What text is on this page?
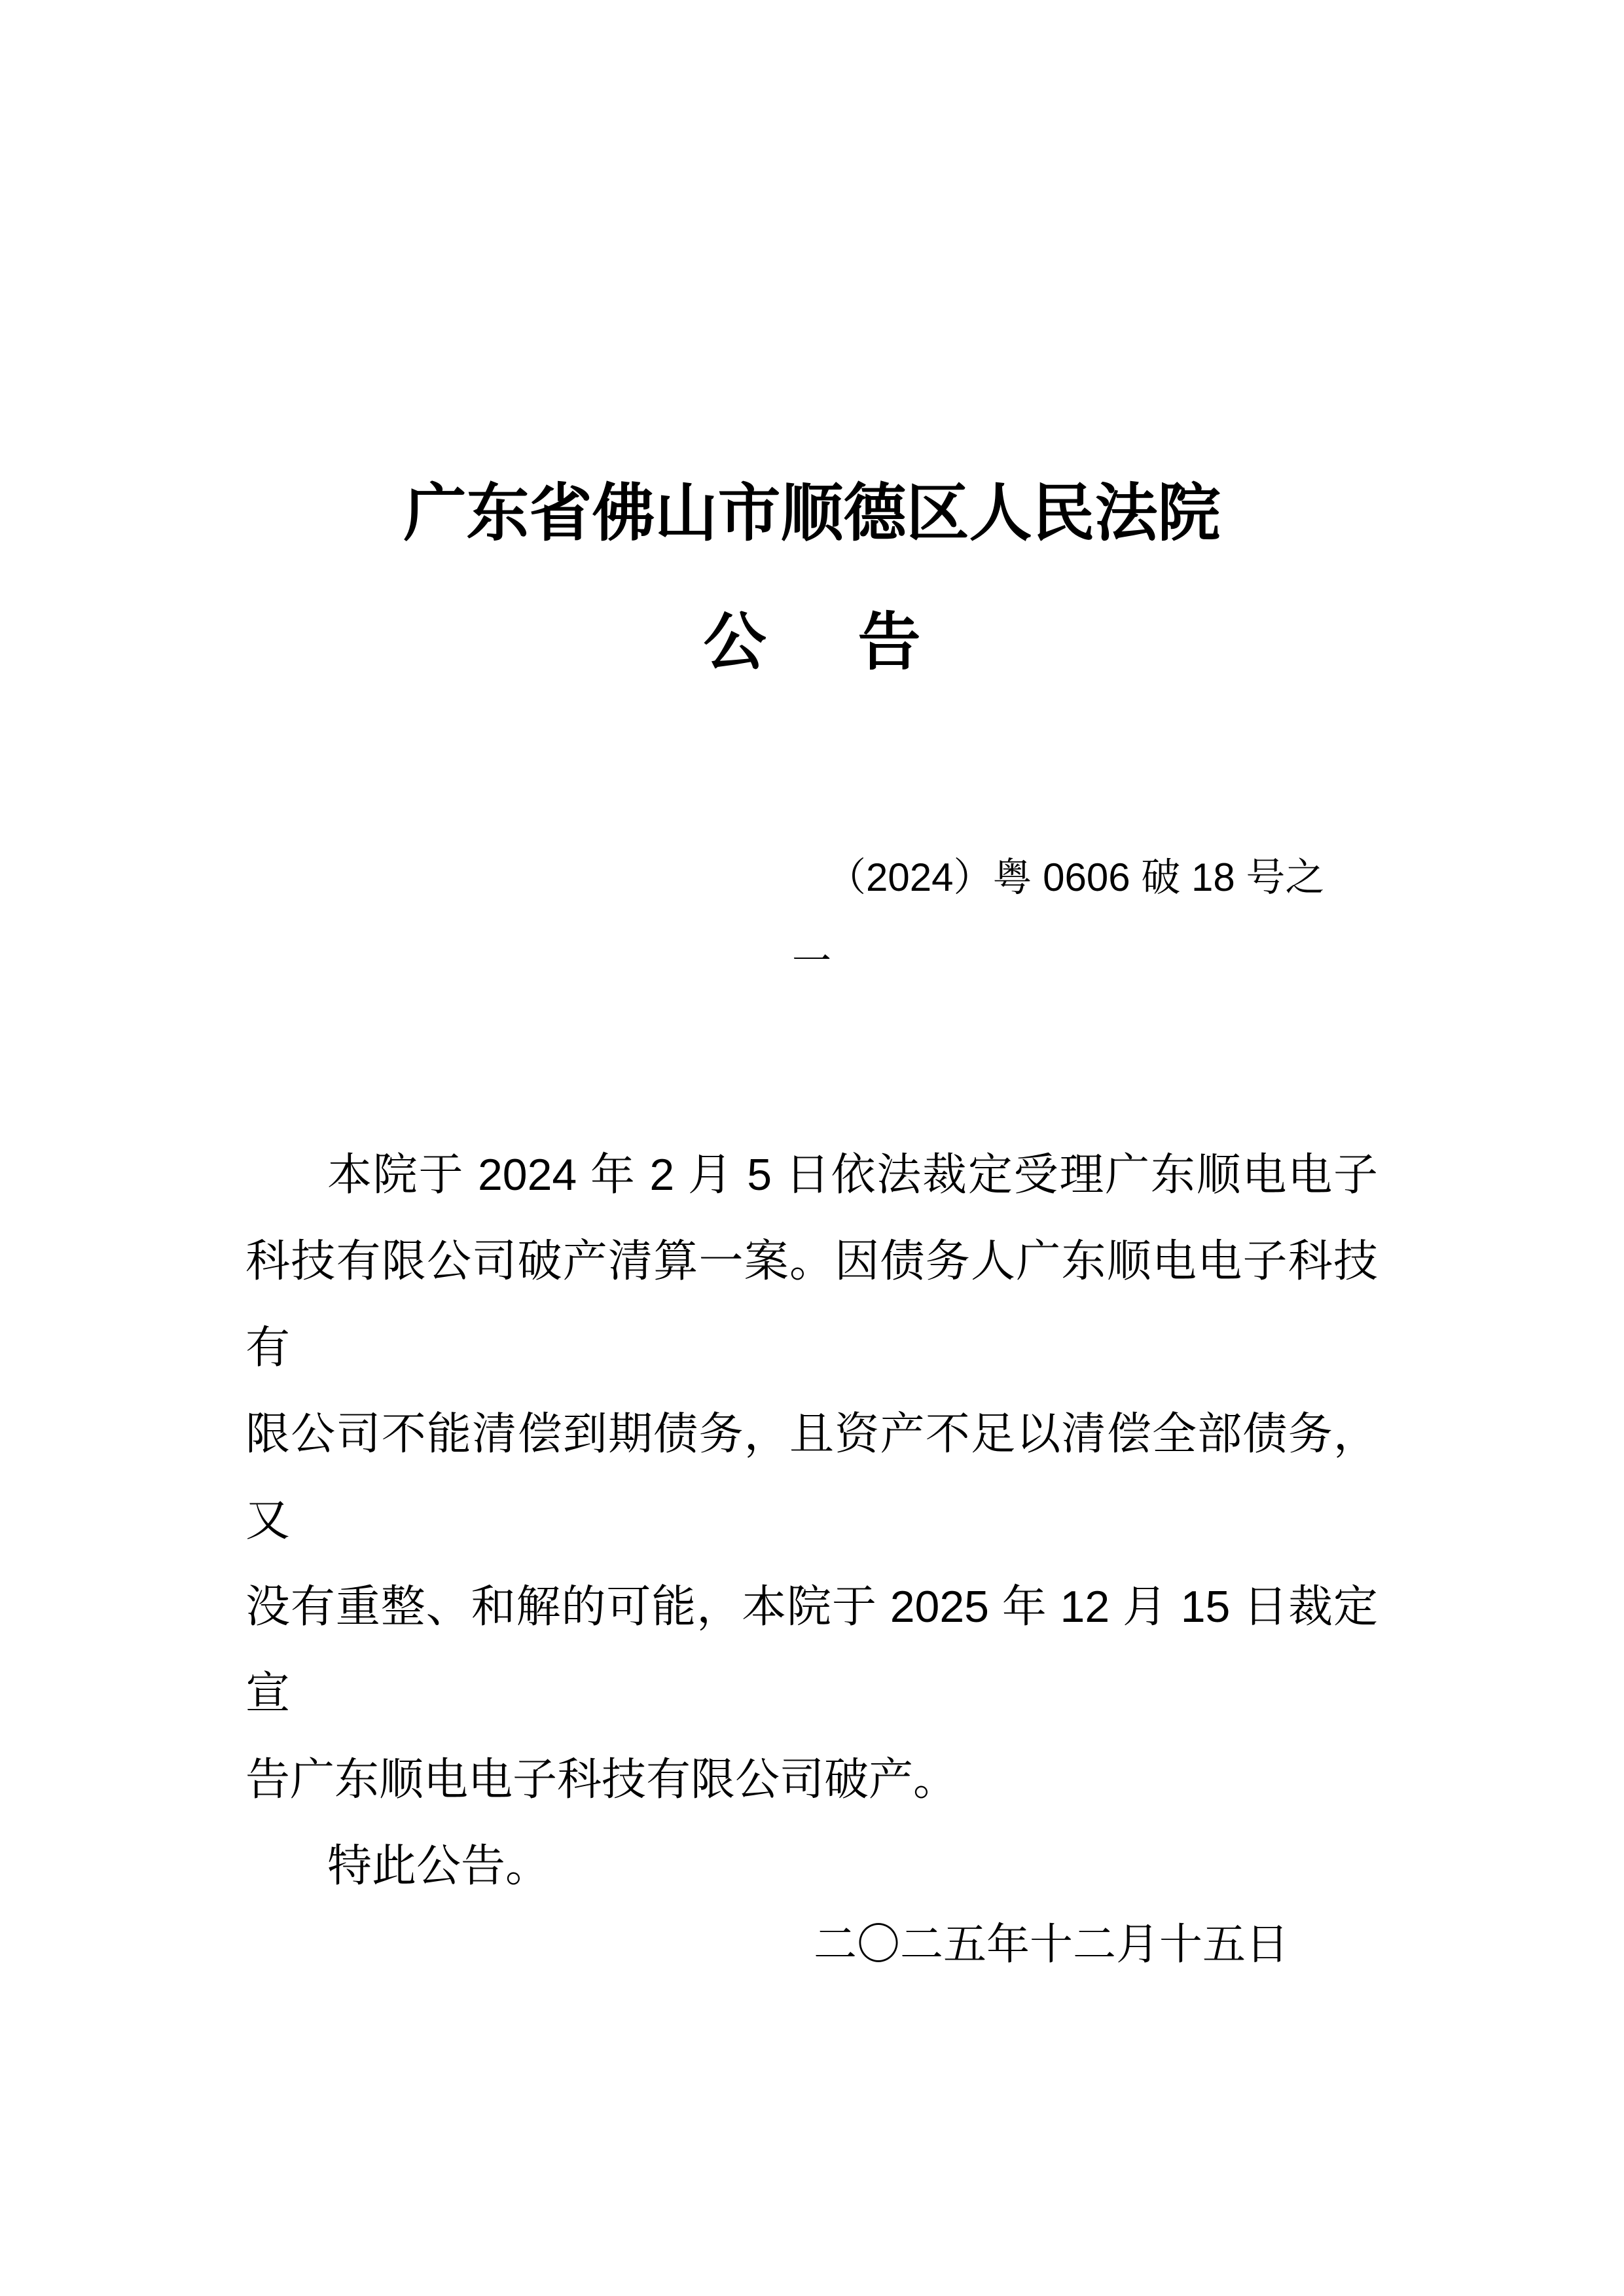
广东省佛山市顺德区人民法院
公 告
（2024）粤 0606 破 18 号之
一
本院于 2024 年 2 月 5 日依法裁定受理广东顺电电子
科技有限公司破产清算一案。因债务人广东顺电电子科技有
限公司不能清偿到期债务，且资产不足以清偿全部债务，又
没有重整、和解的可能，本院于 2025 年 12 月 15 日裁定宣
告广东顺电电子科技有限公司破产。
特此公告。
二〇二五年十二月十五日
